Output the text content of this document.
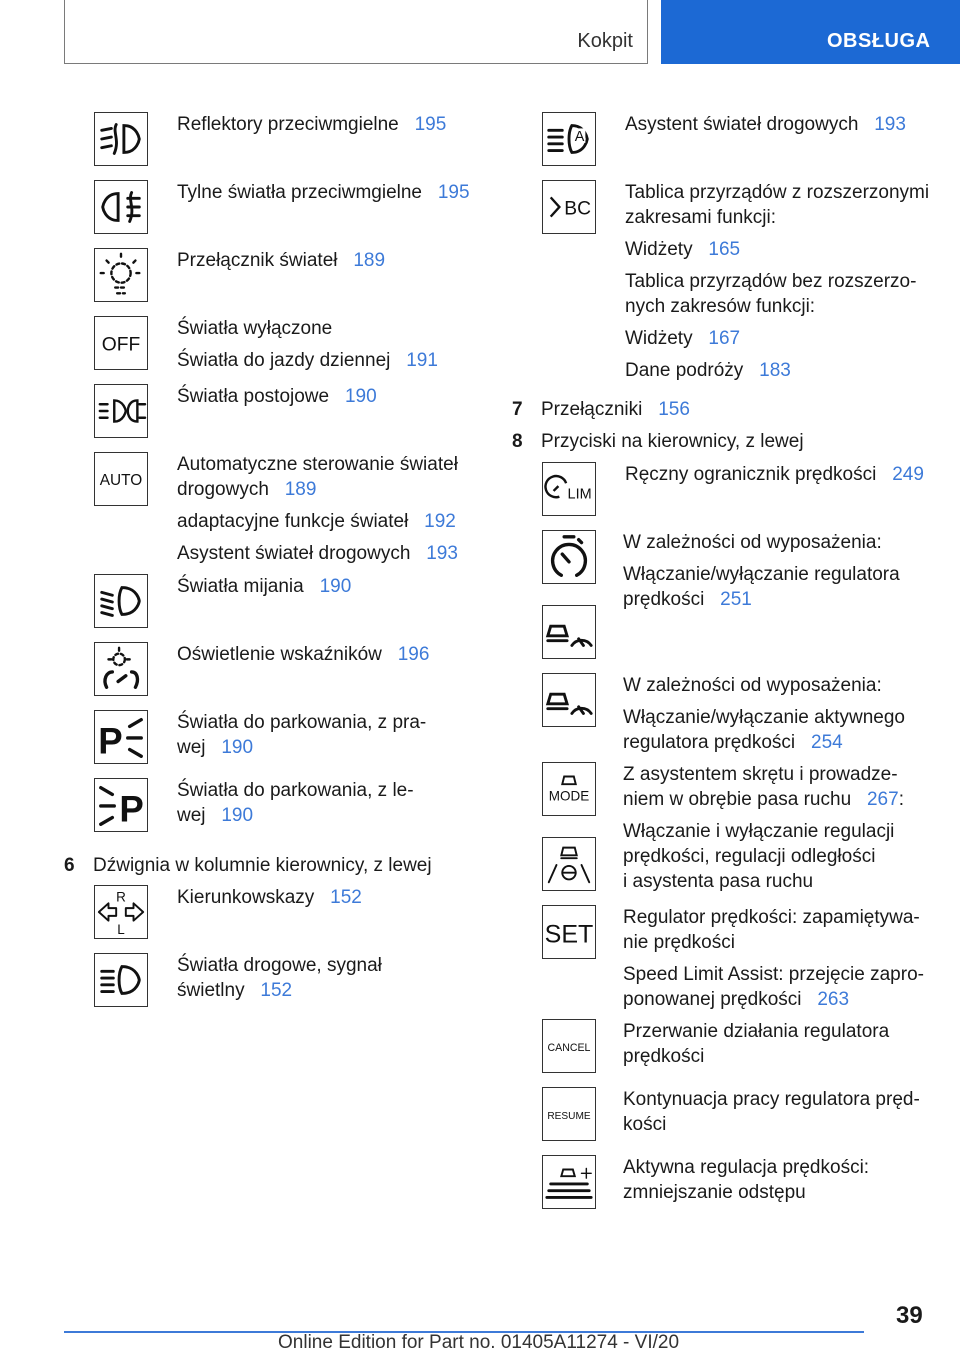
Kokpit	OBSŁUGA
Reflektory przeciwmgielne 195
Tylne światła przeciwmgielne 195
Przełącznik świateł 189
OFF
Światła wyłączone
Światła do jazdy dziennej 191
Światła postojowe 190
AUTO
Automatyczne sterowanie świateł
drogowych 189
adaptacyjne funkcje świateł 192
Asystent świateł drogowych 193
Światła mijania 190
Oświetlenie wskaźników 196
P	Światła do parkowania, z pra-
wej 190
P Światła do parkowania, z le-
wej 190
6 Dźwignia w kolumnie kierownicy, z lewej
R
L
Kierunkowskazy 152
Światła drogowe, sygnał
świetlny 152
A
Asystent świateł drogowych 193
BC
Tablica przyrządów z rozszerzonymi
zakresami funkcji:
Widżety 165
Tablica przyrządów bez rozszerzo-
nych zakresów funkcji:
Widżety 167
Dane podróży 183
7 Przełączniki 156
8 Przyciski na kierownicy, z lewej
LIM
Ręczny ogranicznik prędkości 249
W zależności od wyposażenia:
Włączanie/wyłączanie regulatora
prędkości 251
W zależności od wyposażenia:
Włączanie/wyłączanie aktywnego
regulatora prędkości 254
MODE
Z asystentem skrętu i prowadze-
niem w obrębie pasa ruchu 267:
Włączanie i wyłączanie regulacji
prędkości, regulacji odległości
i asystenta pasa ruchu
SET
Regulator prędkości: zapamiętywa-
nie prędkości
Speed Limit Assist: przejęcie zapro-
ponowanej prędkości 263
CANCEL
Przerwanie działania regulatora
prędkości
RESUME
Kontynuacja pracy regulatora pręd-
kości
Aktywna regulacja prędkości:
zmniejszanie odstępu
39
Online Edition for Part no. 01405A11274 - VI/20
